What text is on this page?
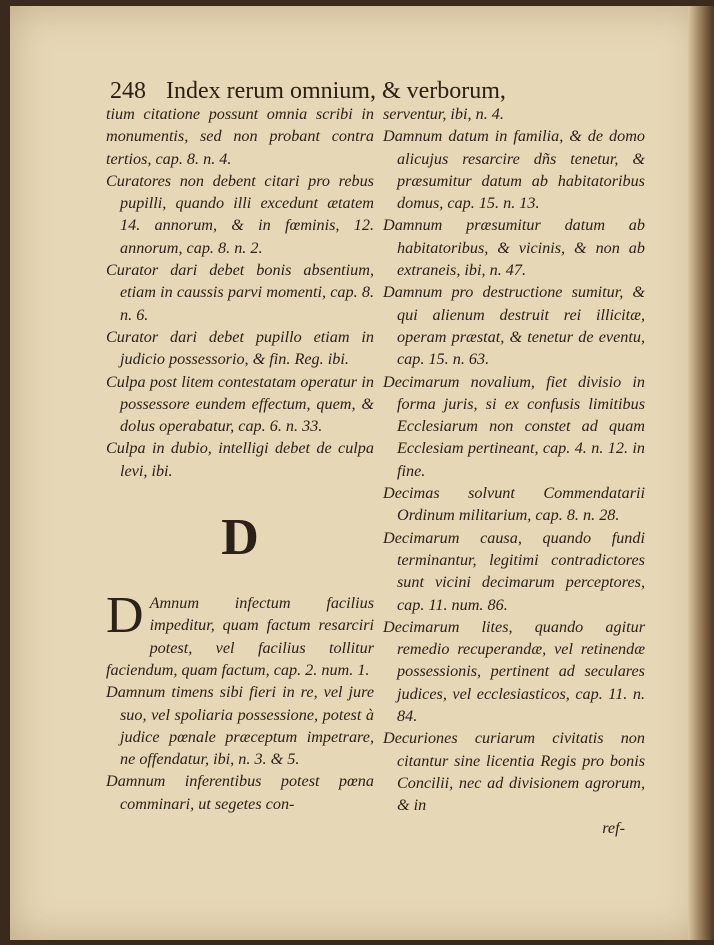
248 Index rerum omnium, & verborum,

tium citatione possunt omnia scribi in monumentis, sed non probant contra tertios, cap. 8. n. 4.

Curatores non debent citari pro rebus pupilli, quando illi excedunt ætatem 14. annorum, & in fœminis, 12. annorum, cap. 8. n. 2.

Curator dari debet bonis absentium, etiam in caussis parvi momenti, cap. 8. n. 6.

Curator dari debet pupillo etiam in judicio possessorio, & fin. Reg. ibi.

Culpa post litem contestatam operatur in possessore eundem effectum, quem, & dolus operabatur, cap. 6. n. 33.

Culpa in dubio, intelligi debet de culpa levi, ibi.

D

D Amnum infectum facilius impeditur, quam factum resarciri potest, vel facilius tollitur faciendum, quam factum, cap. 2. num. 1.

Damnum timens sibi fieri in re, vel jure suo, vel spoliaria possessione, potest à judice pœnale præceptum impetrare, ne offendatur, ibi, n. 3. & 5.

Damnum inferentibus potest pœna comminari, ut segetes con-

serventur, ibi, n. 4.

Damnum datum in familia, & de domo alicujus resarcire dñs tenetur, & præsumitur datum ab habitatoribus domus, cap. 15. n. 13.

Damnum præsumitur datum ab habitatoribus, & vicinis, & non ab extraneis, ibi, n. 47.

Damnum pro destructione sumitur, & qui alienum destruit rei illicitæ, operam præstat, & tenetur de eventu, cap. 15. n. 63.

Decimarum novalium, fiet divisio in forma juris, si ex confusis limitibus Ecclesiarum non constet ad quam Ecclesiam pertineant, cap. 4. n. 12. in fine.

Decimas solvunt Commendatarii Ordinum militarium, cap. 8. n. 28.

Decimarum causa, quando fundi terminantur, legitimi contradictores sunt vicini decimarum perceptores, cap. 11. num. 86.

Decimarum lites, quando agitur remedio recuperandæ, vel retinendæ possessionis, pertinent ad seculares judices, vel ecclesiasticos, cap. 11. n. 84.

Decuriones curiarum civitatis non citantur sine licentia Regis pro bonis Concilii, nec ad divisionem agrorum, & in

ref-
